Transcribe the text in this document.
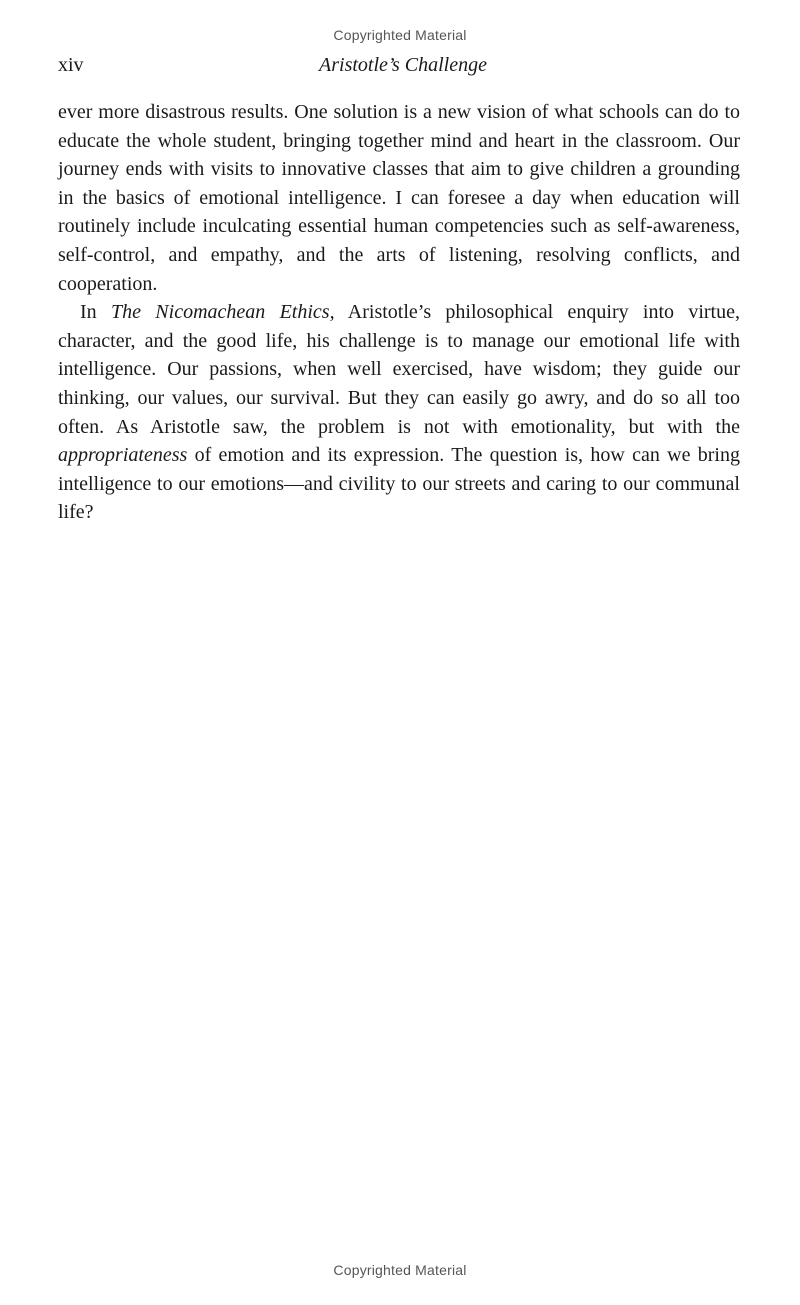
Copyrighted Material
xiv	Aristotle’s Challenge

ever more disastrous results. One solution is a new vision of what schools can do to educate the whole student, bringing together mind and heart in the classroom. Our journey ends with visits to innovative classes that aim to give children a grounding in the basics of emotional intelligence. I can foresee a day when education will routinely include inculcating essential human competencies such as self-awareness, self-control, and empathy, and the arts of listening, resolving conflicts, and cooperation.

In The Nicomachean Ethics, Aristotle’s philosophical enquiry into virtue, character, and the good life, his challenge is to manage our emotional life with intelligence. Our passions, when well exercised, have wisdom; they guide our thinking, our values, our survival. But they can easily go awry, and do so all too often. As Aristotle saw, the problem is not with emotionality, but with the appropriateness of emotion and its expression. The question is, how can we bring intelligence to our emotions—and civility to our streets and caring to our communal life?

Copyrighted Material
